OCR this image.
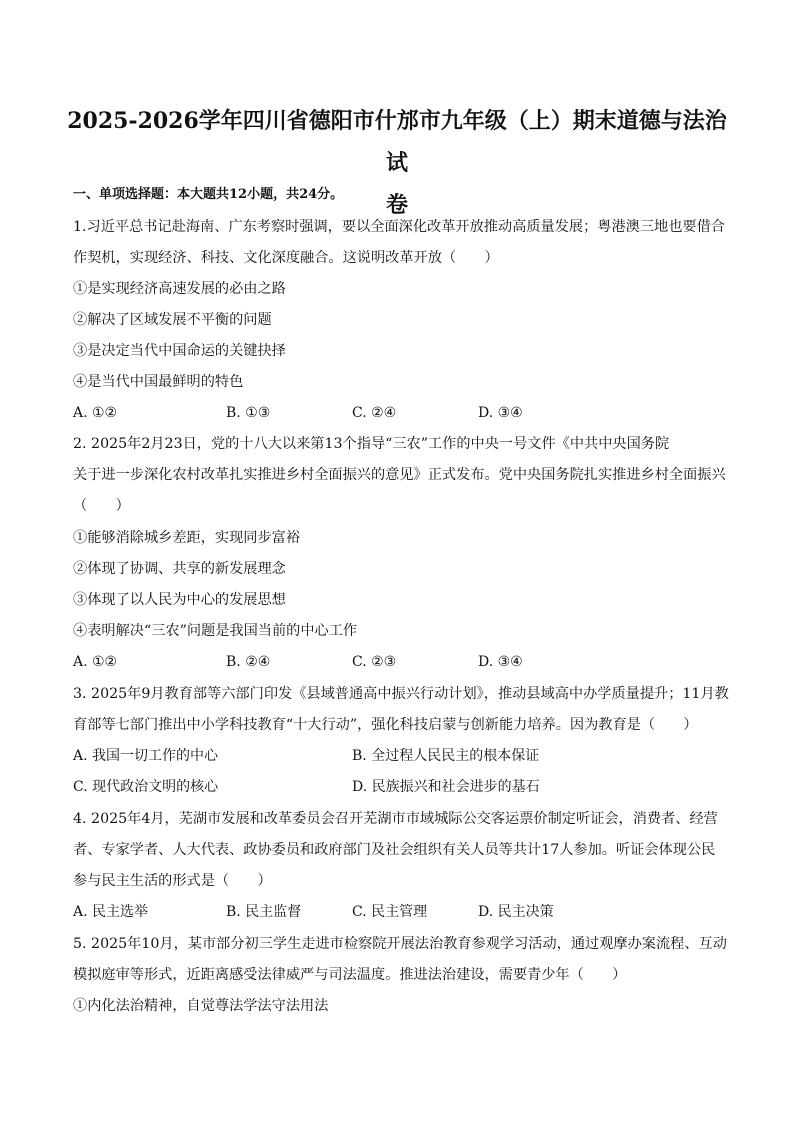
2025-2026学年四川省德阳市什邡市九年级（上）期末道德与法治试
卷
一、单项选择题：本大题共12小题，共24分。
1.习近平总书记赴海南、广东考察时强调，要以全面深化改革开放推动高质量发展；粤港澳三地也要借合
作契机，实现经济、科技、文化深度融合。这说明改革开放（　　）
①是实现经济高速发展的必由之路
②解决了区域发展不平衡的问题
③是决定当代中国命运的关键抉择
④是当代中国最鲜明的特色
A. ①②	B. ①③	C. ②④	D. ③④
2. 2025年2月23日，党的十八大以来第13个指导“三农”工作的中央一号文件《中共中央国务院
关于进一步深化农村改革扎实推进乡村全面振兴的意见》正式发布。党中央国务院扎实推进乡村全面振兴
（　　）
①能够消除城乡差距，实现同步富裕
②体现了协调、共享的新发展理念
③体现了以人民为中心的发展思想
④表明解决“三农”问题是我国当前的中心工作
A. ①②	B. ②④	C. ②③	D. ③④
3. 2025年9月教育部等六部门印发《县域普通高中振兴行动计划》，推动县域高中办学质量提升；11月教
育部等七部门推出中小学科技教育“十大行动”，强化科技启蒙与创新能力培养。因为教育是（　　）
A. 我国一切工作的中心	B. 全过程人民民主的根本保证
C. 现代政治文明的核心	D. 民族振兴和社会进步的基石
4. 2025年4月，芜湖市发展和改革委员会召开芜湖市市域城际公交客运票价制定听证会，消费者、经营
者、专家学者、人大代表、政协委员和政府部门及社会组织有关人员等共计17人参加。听证会体现公民
参与民主生活的形式是（　　）
A. 民主选举	B. 民主监督	C. 民主管理	D. 民主决策
5. 2025年10月，某市部分初三学生走进市检察院开展法治教育参观学习活动，通过观摩办案流程、互动
模拟庭审等形式，近距离感受法律威严与司法温度。推进法治建设，需要青少年（　　）
①内化法治精神，自觉尊法学法守法用法
